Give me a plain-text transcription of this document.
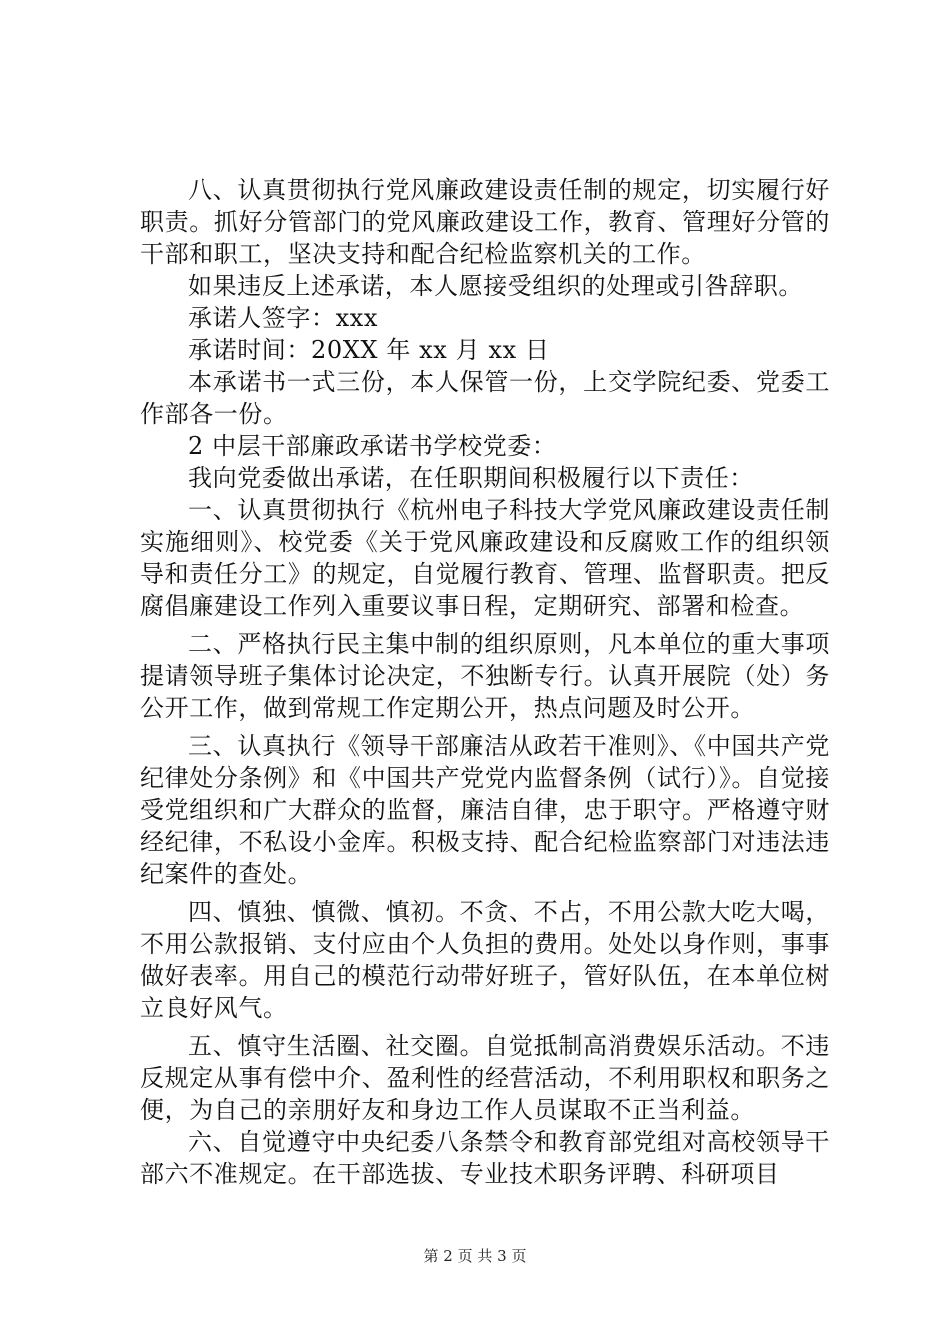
八、认真贯彻执行党风廉政建设责任制的规定，切实履行好职责。抓好分管部门的党风廉政建设工作，教育、管理好分管的干部和职工，坚决支持和配合纪检监察机关的工作。

如果违反上述承诺，本人愿接受组织的处理或引咎辞职。

承诺人签字：xxx

承诺时间：20XX 年 xx 月 xx 日

本承诺书一式三份，本人保管一份，上交学院纪委、党委工作部各一份。

2 中层干部廉政承诺书学校党委：

我向党委做出承诺，在任职期间积极履行以下责任：

一、认真贯彻执行《杭州电子科技大学党风廉政建设责任制实施细则》、校党委《关于党风廉政建设和反腐败工作的组织领导和责任分工》的规定，自觉履行教育、管理、监督职责。把反腐倡廉建设工作列入重要议事日程，定期研究、部署和检查。

二、严格执行民主集中制的组织原则，凡本单位的重大事项提请领导班子集体讨论决定，不独断专行。认真开展院（处）务公开工作，做到常规工作定期公开，热点问题及时公开。

三、认真执行《领导干部廉洁从政若干准则》、《中国共产党纪律处分条例》和《中国共产党党内监督条例（试行）》。自觉接受党组织和广大群众的监督，廉洁自律，忠于职守。严格遵守财经纪律，不私设小金库。积极支持、配合纪检监察部门对违法违纪案件的查处。

四、慎独、慎微、慎初。不贪、不占，不用公款大吃大喝，不用公款报销、支付应由个人负担的费用。处处以身作则，事事做好表率。用自己的模范行动带好班子，管好队伍，在本单位树立良好风气。

五、慎守生活圈、社交圈。自觉抵制高消费娱乐活动。不违反规定从事有偿中介、盈利性的经营活动，不利用职权和职务之便，为自己的亲朋好友和身边工作人员谋取不正当利益。

六、自觉遵守中央纪委八条禁令和教育部党组对高校领导干部六不准规定。在干部选拔、专业技术职务评聘、科研项目

第 2 页 共 3 页
